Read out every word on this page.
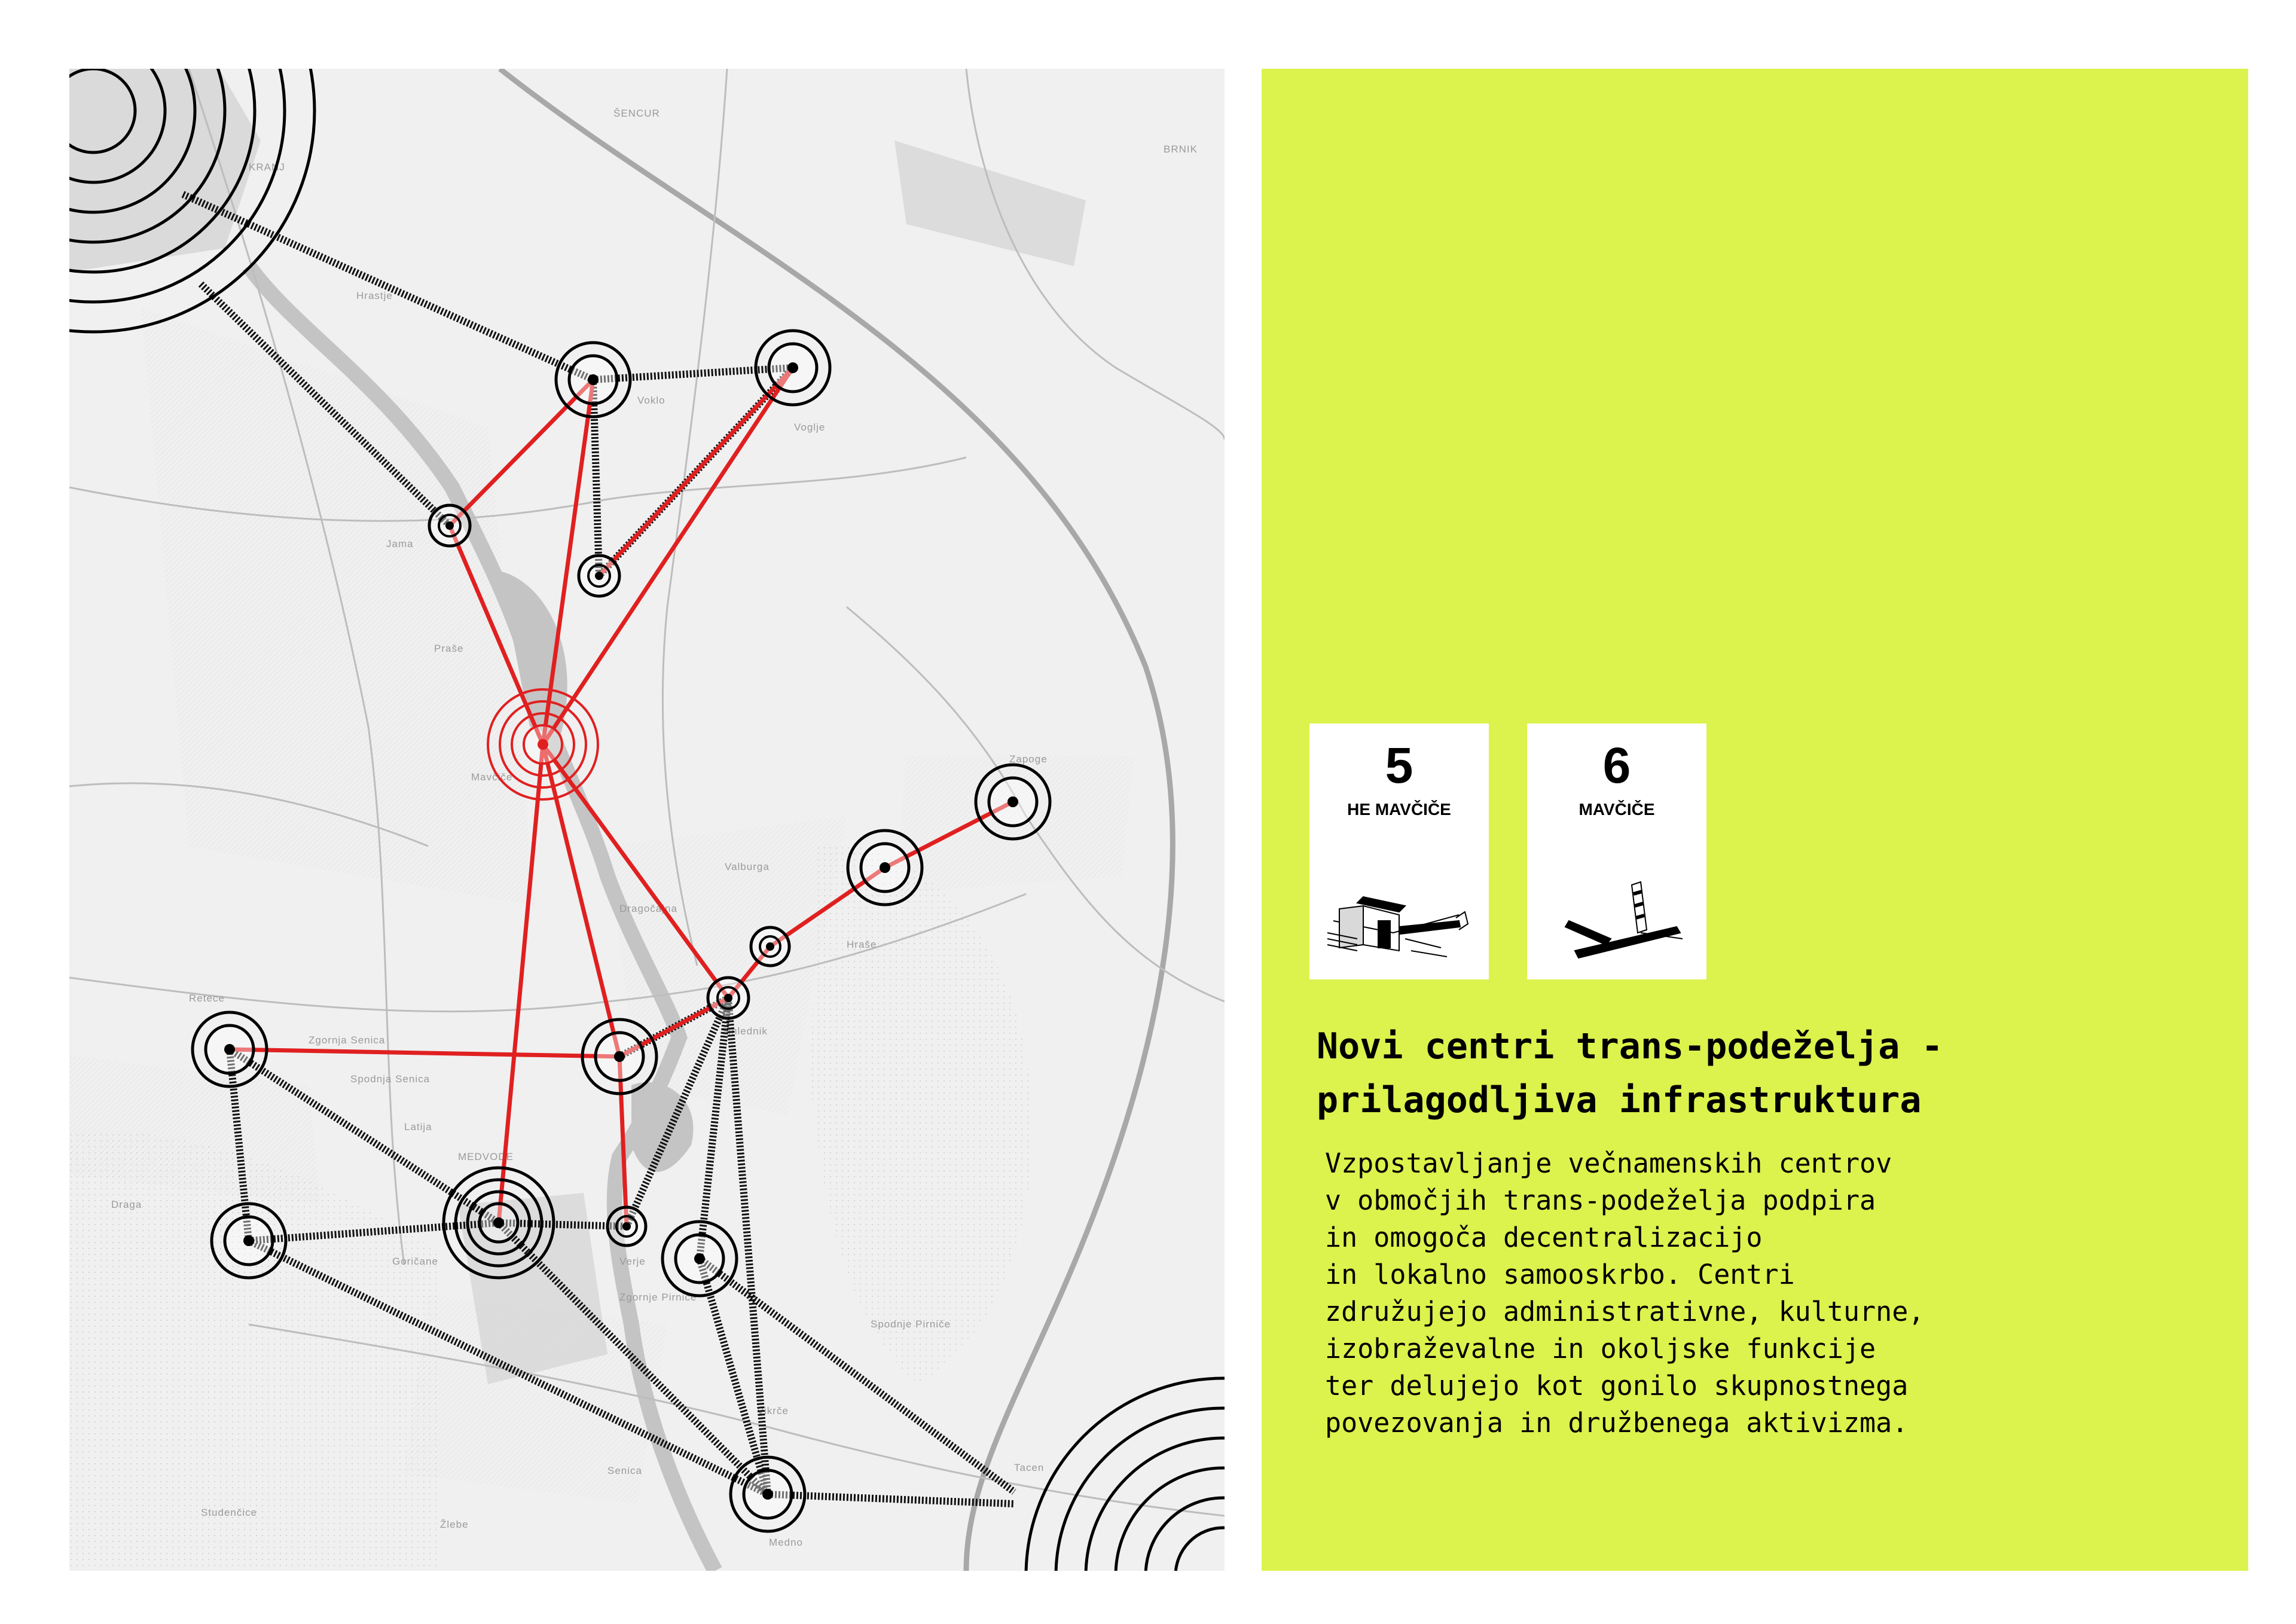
ŠENCUR
BRNIK
KRANJ
Hrastje
Voklo
Voglje
Jama
Praše
Mavčiče
Valburga
Dragočajna
Hraše
Zapoge
Smlednik
Retece
Zgornja Senica
Spodnja Senica
Latija
MEDVODE
Dragа
Goričane	Verje
Zgornje Pirniče
Spodnje Pirniče
Vikrče
Senica
Studenčice
Žlebe
Medno
Tacen
5
HE MAVČIČE
6
MAVČIČE
Novi centri trans-podeželja -
prilagodljiva infrastruktura

Vzpostavljanje večnamenskih centrov
v območjih trans-podeželja podpira
in omogoča decentralizacijo
in lokalno samooskrbo. Centri
združujejo administrativne, kulturne,
izobraževalne in okoljske funkcije
ter delujejo kot gonilo skupnostnega
povezovanja in družbenega aktivizma.
